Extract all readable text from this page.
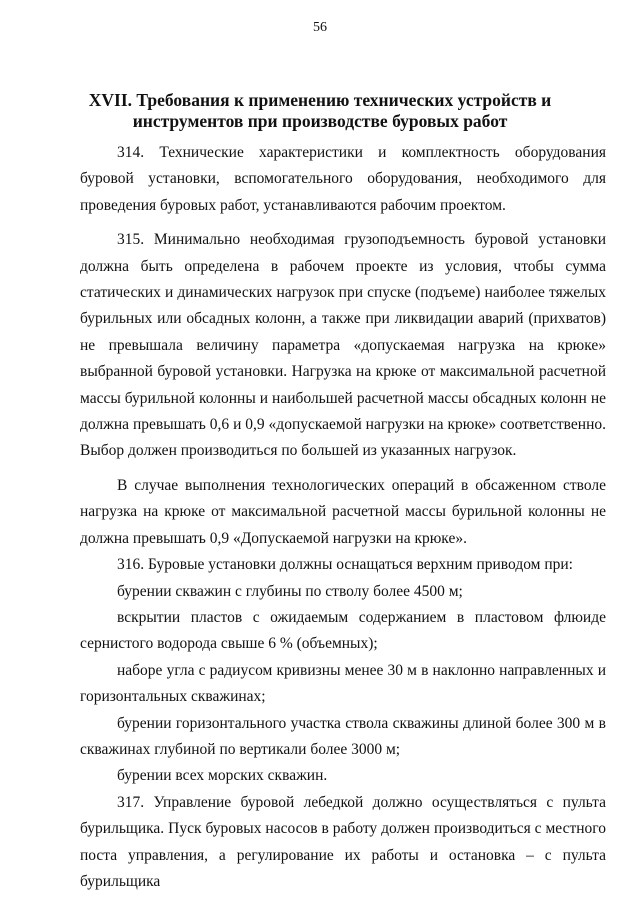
56
XVII. Требования к применению технических устройств и
инструментов при производстве буровых работ

314. Технические характеристики и комплектность оборудования буровой установки, вспомогательного оборудования, необходимого для проведения буровых работ, устанавливаются рабочим проектом.

315. Минимально необходимая грузоподъемность буровой установки должна быть определена в рабочем проекте из условия, чтобы сумма статических и динамических нагрузок при спуске (подъеме) наиболее тяжелых бурильных или обсадных колонн, а также при ликвидации аварий (прихватов) не превышала величину параметра «допускаемая нагрузка на крюке» выбранной буровой установки. Нагрузка на крюке от максимальной расчетной массы бурильной колонны и наибольшей расчетной массы обсадных колонн не должна превышать 0,6 и 0,9 «допускаемой нагрузки на крюке» соответственно. Выбор должен производиться по большей из указанных нагрузок.

В случае выполнения технологических операций в обсаженном стволе нагрузка на крюке от максимальной расчетной массы бурильной колонны не должна превышать 0,9 «Допускаемой нагрузки на крюке».

316. Буровые установки должны оснащаться верхним приводом при:

бурении скважин с глубины по стволу более 4500 м;

вскрытии пластов с ожидаемым содержанием в пластовом флюиде сернистого водорода свыше 6 % (объемных);

наборе угла с радиусом кривизны менее 30 м в наклонно направленных и горизонтальных скважинах;

бурении горизонтального участка ствола скважины длиной более 300 м в скважинах глубиной по вертикали более 3000 м;

бурении всех морских скважин.

317. Управление буровой лебедкой должно осуществляться с пульта бурильщика. Пуск буровых насосов в работу должен производиться с местного поста управления, а регулирование их работы и остановка – с пульта бурильщика
